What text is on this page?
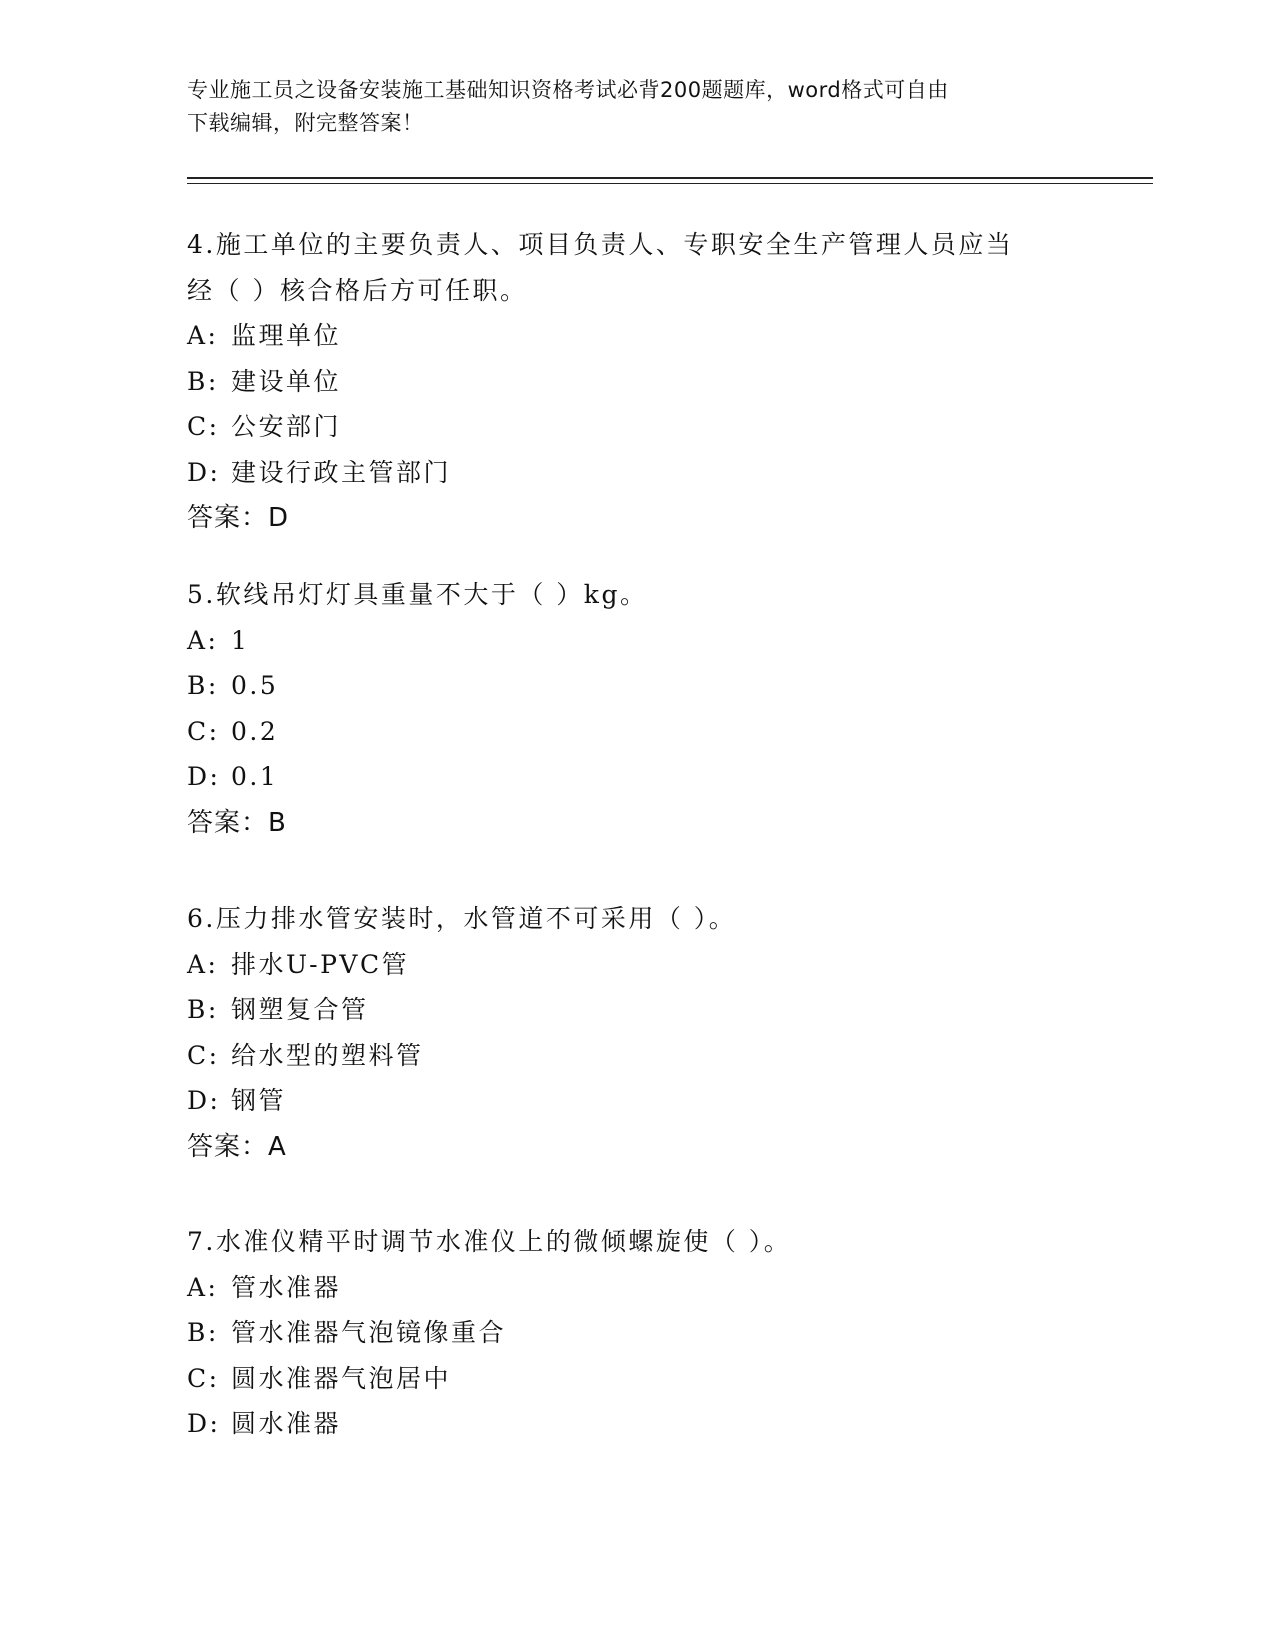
专业施工员之设备安装施工基础知识资格考试必背200题题库，word格式可自由
下载编辑，附完整答案！
4.施工单位的主要负责人、项目负责人、专职安全生产管理人员应当
经（ ）核合格后方可任职。
A: 监理单位
B: 建设单位
C: 公安部门
D: 建设行政主管部门
答案：D
5.软线吊灯灯具重量不大于（ ）kg。
A: 1
B: 0.5
C: 0.2
D: 0.1
答案：B
6.压力排水管安装时，水管道不可采用（ ）。
A: 排水U-PVC管
B: 钢塑复合管
C: 给水型的塑料管
D: 钢管
答案：A
7.水准仪精平时调节水准仪上的微倾螺旋使（ ）。
A: 管水准器
B: 管水准器气泡镜像重合
C: 圆水准器气泡居中
D: 圆水准器
